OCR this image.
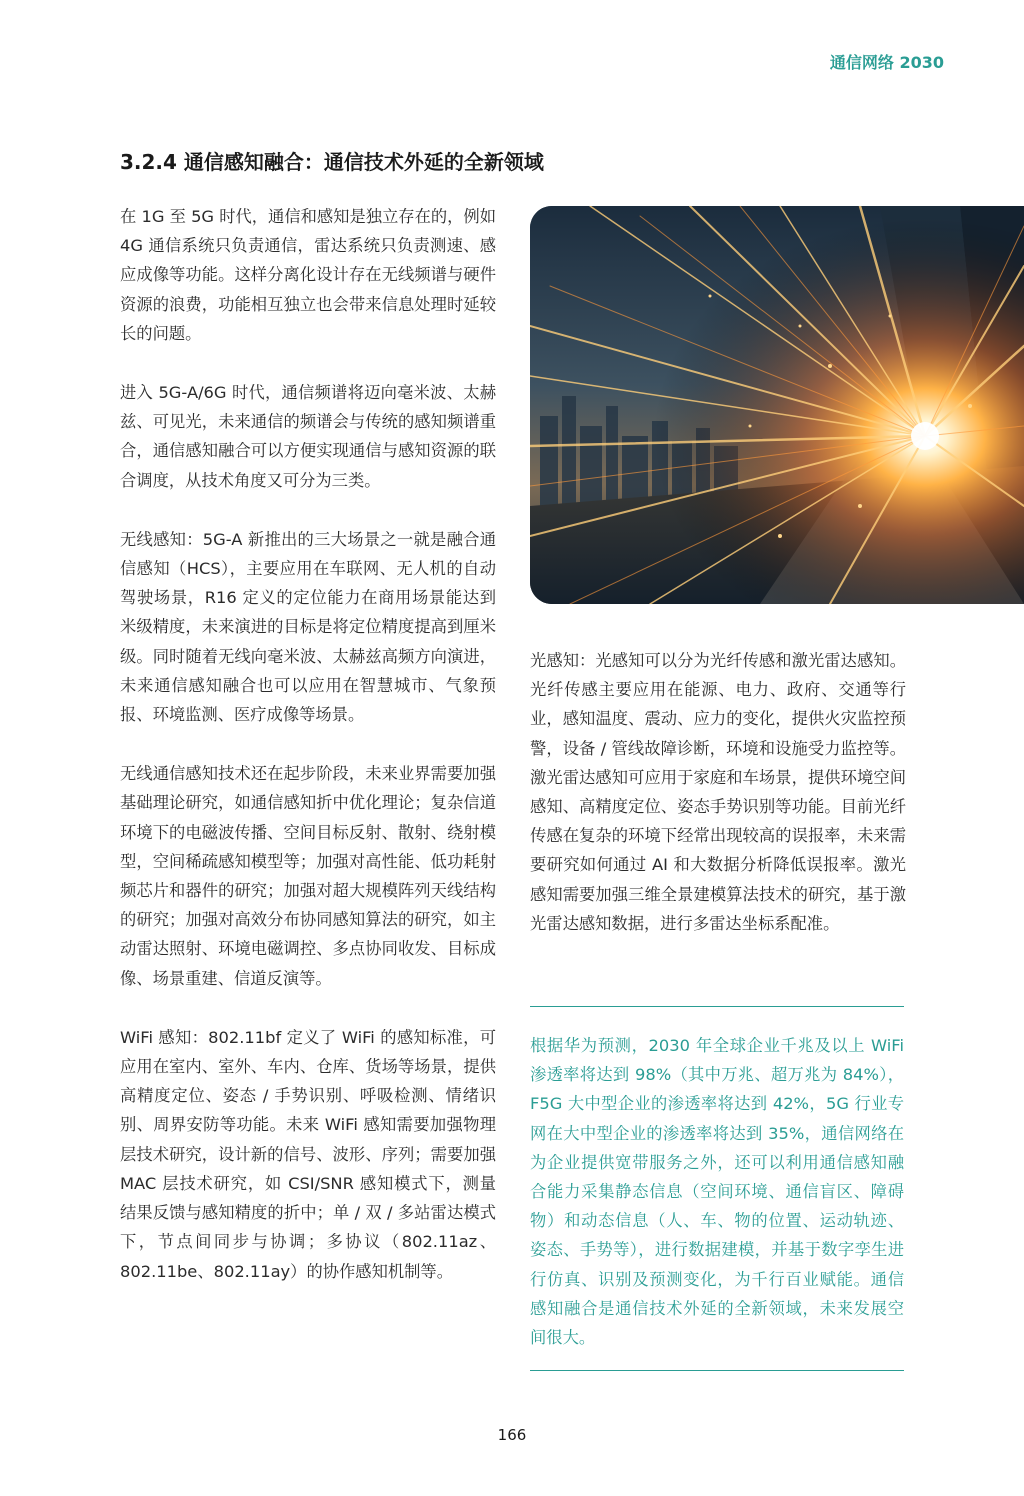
通信网络 2030
3.2.4 通信感知融合：通信技术外延的全新领域

在 1G 至 5G 时代，通信和感知是独立存在的，例如 4G 通信系统只负责通信，雷达系统只负责测速、感应成像等功能。这样分离化设计存在无线频谱与硬件资源的浪费，功能相互独立也会带来信息处理时延较长的问题。

进入 5G-A/6G 时代，通信频谱将迈向毫米波、太赫兹、可见光，未来通信的频谱会与传统的感知频谱重合，通信感知融合可以方便实现通信与感知资源的联合调度，从技术角度又可分为三类。

无线感知：5G-A 新推出的三大场景之一就是融合通信感知（HCS），主要应用在车联网、无人机的自动驾驶场景，R16 定义的定位能力在商用场景能达到米级精度，未来演进的目标是将定位精度提高到厘米级。同时随着无线向毫米波、太赫兹高频方向演进，未来通信感知融合也可以应用在智慧城市、气象预报、环境监测、医疗成像等场景。

无线通信感知技术还在起步阶段，未来业界需要加强基础理论研究，如通信感知折中优化理论；复杂信道环境下的电磁波传播、空间目标反射、散射、绕射模型，空间稀疏感知模型等；加强对高性能、低功耗射频芯片和器件的研究；加强对超大规模阵列天线结构的研究；加强对高效分布协同感知算法的研究，如主动雷达照射、环境电磁调控、多点协同收发、目标成像、场景重建、信道反演等。

WiFi 感知：802.11bf 定义了 WiFi 的感知标准，可应用在室内、室外、车内、仓库、货场等场景，提供高精度定位、姿态 / 手势识别、呼吸检测、情绪识别、周界安防等功能。未来 WiFi 感知需要加强物理层技术研究，设计新的信号、波形、序列；需要加强 MAC 层技术研究，如 CSI/SNR 感知模式下，测量结果反馈与感知精度的折中；单 / 双 / 多站雷达模式下，节点间同步与协调；多协议（802.11az、802.11be、802.11ay）的协作感知机制等。

光感知：光感知可以分为光纤传感和激光雷达感知。光纤传感主要应用在能源、电力、政府、交通等行业，感知温度、震动、应力的变化，提供火灾监控预警，设备 / 管线故障诊断，环境和设施受力监控等。激光雷达感知可应用于家庭和车场景，提供环境空间感知、高精度定位、姿态手势识别等功能。目前光纤传感在复杂的环境下经常出现较高的误报率，未来需要研究如何通过 AI 和大数据分析降低误报率。激光感知需要加强三维全景建模算法技术的研究，基于激光雷达感知数据，进行多雷达坐标系配准。

根据华为预测，2030 年全球企业千兆及以上 WiFi 渗透率将达到 98%（其中万兆、超万兆为 84%），F5G 大中型企业的渗透率将达到 42%，5G 行业专网在大中型企业的渗透率将达到 35%，通信网络在为企业提供宽带服务之外，还可以利用通信感知融合能力采集静态信息（空间环境、通信盲区、障碍物）和动态信息（人、车、物的位置、运动轨迹、姿态、手势等），进行数据建模，并基于数字孪生进行仿真、识别及预测变化，为千行百业赋能。通信感知融合是通信技术外延的全新领域，未来发展空间很大。

166
